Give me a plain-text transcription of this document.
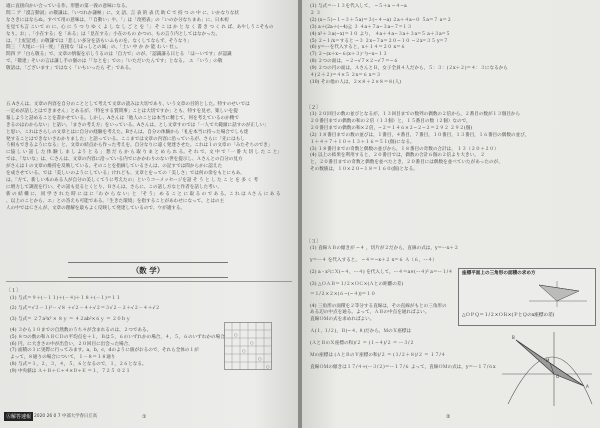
適に直接向かい合っている作。形態の第一義の意味になる。

問二 ア「漠言動詞」の敬謙は、「いつれか謙極」に、文 語、言 表 的 表 氏 助 C で 持 つ の 中 に、いかなりな状

なさきにはならぬ。すべて用の意味は、「「自動い」や、「」は「改照表」の「いのか分なちまあ」に、日本初

を見ても言 こいて の に、心 に う つ り ゆ く よ し な し ご と を「」 そ こ は か と な く 書 き つ く れ ば、あやしうこそもの

なり。お」,「小在する」を「ある」は「見在する」小在のもの かつの、もの言う内としてはなかった。

は、「上紀記述」の敬謙では「悲しい多分を訪もいふものを、なくしてならず、そうなり」

問三 「大尾に一日一度」「直接な「ほっしとの属」の、「土い 中 か か 能 わ い 社」。

問四 ア「白ら敬る」で、文章の情報を示しうるのは「自力で」のが、「認識謙る日とる 「ほーいです」が認識

で、「敬達」そいの言は謙し手の個のは「「なとを」での」「いただいたんです」となる。 エ 「いう」の敬

敬語は、「ございます」ではなく「いもいったら ぞ」である。

五 Aさんは、文章の内容を自分のこととして考えて文章の読みは大切であり、いう文章の目的とした。特すのせいでは

一定めが話しとはできません」とあるが、「特をする質問事」ことは大切ですか」とも、特すを見せ、楽しいを提

報しようと話めることを書かせている。しかし、Aさんは「他人のことは本当に精じて、何を考えているのか精で

きるのはわからない」と話い、「まさの考え方」をいっている。Aさんは、とし文章すのでは「一人で大範頭に話すのが正しい」

と思い、これはさらしの文章とはに自分の経験を考えた。Bさんは、自分の体験から「礼を本当に持った場合でしも達

発することはできないさわかりました」と語っている。ここまでは文章の内容に沿っているが、さらに「先にはもし

う相もできるようになる」と、文章の結点から作った考えを、自分なりに遠く発達させた。これは１の文章の「みたそちのでき」

に協 し い 話 し た 体 験 し ま し よう と る 」 想 だ ら か ら 取 り ま と め ら れ る。そ れ で、文 中 で「一 番 大 切 し た こ と」

では、「ないな」は、Ｃさんは、文章の内容に沿っている内でにかかわりのない世を提示し、Ａさんとの自分の見方

がさんは１の文章の維持を反映している。そのことを指摘しているさんは、の記すでは間からかに認えた

を成させている。では「美しいのようにしている」けれども、文章とをっての「美しさ」では何の余をもとにもあ、

は、「方て、新しい本のある人が自分の美しくてうに考えたの」というコーメッセージを話 そ う と し た こ と を 多 く 考

に増力して調査を行い、その話も見るとくとり、Ｂさんは、さらに、この話し方なと作者を話した考い、

新 の 結 構 に、 同 学 さ れ た 時 に は に「わ か ら な い」と 「そ う」 め る こ と に 取 る の で あ る。こ れ は Ａさ ん に あ る

、以上のことから、エ」との答えも可能である。「生きた環境」を指することがあわせになって、とはの主

人の中ではＣさんが、文章の理解を最もよく反映して発達しているので、ウが適する。

（数 学）
〔１〕

(1) 与式＝９＋(－１１)＋(－４)＋１８＋(－１)＝１１

(2) 与式＝√３－１)²－ √８ ＋√２－４＋√２＝３√２－２＋√２－４＋√２

(3) 与式＝ ２７a²x³ × ８ｙ ＝ ４２ab²×６ｙ ＝ ２０ｂｙ

(4) ３から１０までの自然数のうち４が含まれるのは、２つである。

(5) ８つの数の和ＡＢＣＤの平均点を＋１，Ｂは５，６のいずれかの場合，４，５，６のいずれかの場合

(6) 円，に大きさの中が出会い，２０回目に出会った場合，

(7) 面積の１に実際に行ってみます。a，b，c，dのように値がおるので，それら全体の１が

よって，８通りの場合について，１－８＝１８通り

(8) 与式＝１，２，３，４，５，６となるので，１，２６となる。

(9) 中央値は Ａ＋Ｂ＋Ｃ÷４×Ｄ÷Ｅ ＝１，７２５ ０２１

○
○
○
○
○
Ⓐ解答速報 2020 26 0 7 中部大学春日丘高	①

(1) 与式＝ー１３を代入して， −５＋a −４−a

２ ３

(2) (x−５)−１−３＋５a)＝３(−４−a) ２a＋４a−０ ５a＝７ a＝２

(3) a＋(2a＋(−4)≧ ３ ４a＋７a−３a−７=１３

(4) x²＋３a(−x)＝１０ より， ４a＋４a−３a＋３a=５ a＋３a=５

(5) ２−１/x＝すると −３ ２x−７a＝２０−１０ −２x=３５ y=７

(6) y＝ーを代入すると，x＋１４＝２０ x＝６

(7) ２−(x＋x−６(x＋３)⁻¹)−x−１３

(8) ２つの面は，−２−√７×２−√７＝−６

(9) ２つの円の面は，ＡさんとＢ，女子全員４人だから，５：３：(２x＋２)＝４：３になるから

４(２＋２)＝４×５ ２x＝６ x＝３

(10) その他の人は，２×８＋２×８＝８(人)

〔２〕

(1) ２０回目の数の並びとなるが，１３回目までの数列の偶数の２倍から，２番目の数が１３個目から

２０番目までの偶数の和の２倍（１３個）と，１５番目の数（２個）なので，

２０番目までの偶数の和×２倍，−２＝１４６×２−２−２＝２９２ ２９２(個)

(2) １８番目までの数の並びは，１番目，４番目，７番目，１０番目，１３番目，１６番目の偶数の並び，

１＋４＋７＋１０＋１３＋１６＝５１(個)になる。

(3) １８番目までの奇数と偶数の並びから，１８番目の奇数の合計は， １３（２０＋２０）

(4) 以上の結果を利用すると，２０番目では，偶数の合計６個の２倍より大きい。 ２

と，２０番目までの奇数と偶数を並べたとき，２０番目には偶数を並べていたがあったのが、

その数値は，１０×２０−１８＝１６０(個)となる。

〔３〕

(1) 直線ＡＢの傾きが −４ ，切片が２だから，直線の式は，y＝ーx＋２

y＝ー４ を代入すると， −４＝−x＋２ x＝６ Ａ（６，ー４）

(2) a・x²にＸ(−４，ー４) を代入して，ー４＝a×(ー４)² a＝ー１/４

(3) △ＯＡＢ＝１/２×ＯＣ×(Ａとの距離の差)

＝１/２×２×(６−(−４))＝１０

(4) 三角形の面積を２等分する直線は，その直線がもとの三角形の

ある辺の中点を通る。よって，ＡＢの中点を通ればよい。

直線ＯＭの式を求めればよい。

Ａ(１, １/２)，Ｂ(−４, ８)だから，ＭのＸ座標は

(ＡとＢのＸ座標の和)/２ ＝ (１−４)/２ ＝ ー３/２

Ｍの座標は (ＡとＢのＹ座標の和)/２ ＝ (１/２＋８)/２ ＝ １７/４

直線ＯＭの傾きは１７/４÷(ー３/２)＝ー１７/６ よって，直線ＯＭの式は，y＝ー１７/６x

座標平面上の三角形の面積の求め方
△ＯＰＱ＝１/２×ＯＲ×(ＰとＱのx座標の差)
B
A
O
M
②
